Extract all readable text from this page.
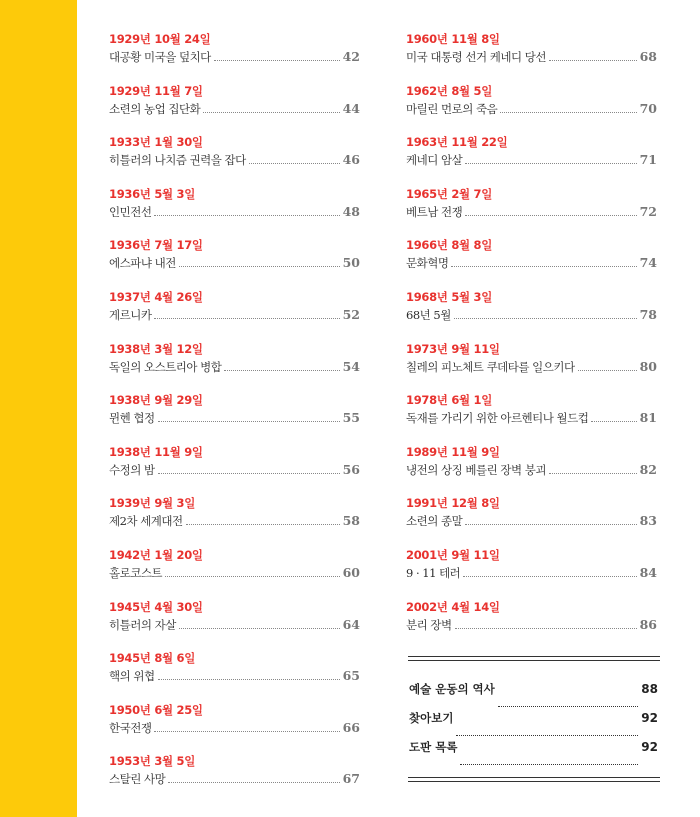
1929년 10월 24일
대공황 미국을 덮치다	42
1929년 11월 7일
소련의 농업 집단화	44
1933년 1월 30일
히틀러의 나치즘 권력을 잡다	46
1936년 5월 3일
인민전선	48
1936년 7월 17일
에스파냐 내전	50
1937년 4월 26일
게르니카	52
1938년 3월 12일
독일의 오스트리아 병합	54
1938년 9월 29일
뮌헨 협정	55
1938년 11월 9일
수정의 밤	56
1939년 9월 3일
제2차 세계대전	58
1942년 1월 20일
홀로코스트	60
1945년 4월 30일
히틀러의 자살	64
1945년 8월 6일
핵의 위협	65
1950년 6월 25일
한국전쟁	66
1953년 3월 5일
스탈린 사망	67
1960년 11월 8일
미국 대통령 선거 케네디 당선	68
1962년 8월 5일
마릴린 먼로의 죽음	70
1963년 11월 22일
케네디 암살	71
1965년 2월 7일
베트남 전쟁	72
1966년 8월 8일
문화혁명	74
1968년 5월 3일
68년 5월	78
1973년 9월 11일
칠레의 피노체트 쿠데타를 일으키다	80
1978년 6월 1일
독재를 가리기 위한 아르헨티나 월드컵	81
1989년 11월 9일
냉전의 상징 베를린 장벽 붕괴	82
1991년 12월 8일
소련의 종말	83
2001년 9월 11일
9 · 11 테러	84
2002년 4월 14일
분리 장벽	86
예술 운동의 역사	88
찾아보기	92
도판 목록	92
